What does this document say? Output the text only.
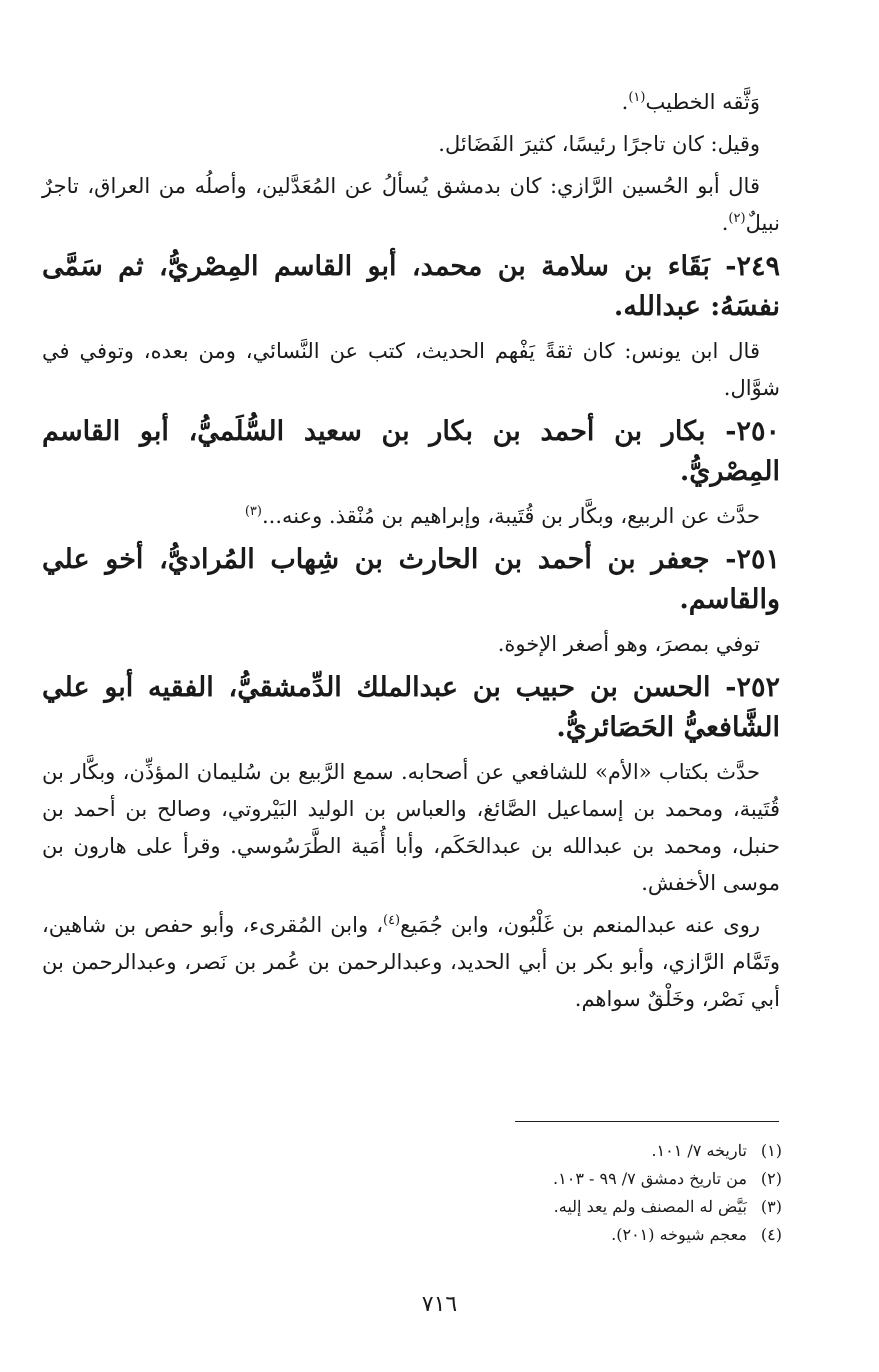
وَثَّقه الخطيب$^{(١)}$.
وقيل: كان تاجرًا رئيسًا، كثيرَ الفَضَائل.
قال أبو الحُسين الرَّازي: كان بدمشق يُسألُ عن المُعَدَّلين، وأصلُه من العراق، تاجرٌ نبيلٌ$^{(٢)}$.
٢٤٩- بَقَاء بن سلامة بن محمد، أبو القاسم المِصْريُّ، ثم سَمَّى نفسَهُ: عبدالله.
قال ابن يونس: كان ثقةً يَفْهم الحديث، كتب عن النَّسائي، ومن بعده، وتوفي في شوَّال.
٢٥٠- بكار بن أحمد بن بكار بن سعيد السُّلَميُّ، أبو القاسم المِصْريُّ.
حدَّث عن الربيع، وبكَّار بن قُتَيبة، وإبراهيم بن مُنْقذ. وعنه...$^{(٣)}$
٢٥١- جعفر بن أحمد بن الحارث بن شِهاب المُراديُّ، أخو علي والقاسم.
توفي بمصرَ، وهو أصغر الإخوة.
٢٥٢- الحسن بن حبيب بن عبدالملك الدِّمشقيُّ، الفقيه أبو علي الشَّافعيُّ الحَصَائريُّ.
حدَّث بكتاب «الأم» للشافعي عن أصحابه. سمع الرَّبيع بن سُليمان المؤذِّن، وبكَّار بن قُتَيبة، ومحمد بن إسماعيل الصَّائغ، والعباس بن الوليد البَيْروتي، وصالح بن أحمد بن حنبل، ومحمد بن عبدالله بن عبدالحَكَم، وأبا أُمَية الطَّرَسُوسي. وقرأ على هارون بن موسى الأخفش.
روى عنه عبدالمنعم بن غَلْبُون، وابن جُمَيع$^{(٤)}$، وابن المُقرىء، وأبو حفص بن شاهين، وتَمَّام الرَّازي، وأبو بكر بن أبي الحديد، وعبدالرحمن بن عُمر بن نَصر، وعبدالرحمن بن أبي نَصْر، وخَلْقٌ سواهم.
(١) تاريخه ٧/ ١٠١.
(٢) من تاريخ دمشق ٧/ ٩٩ - ١٠٣.
(٣) بَيَّض له المصنف ولم يعد إليه.
(٤) معجم شيوخه (٢٠١).
٧١٦
